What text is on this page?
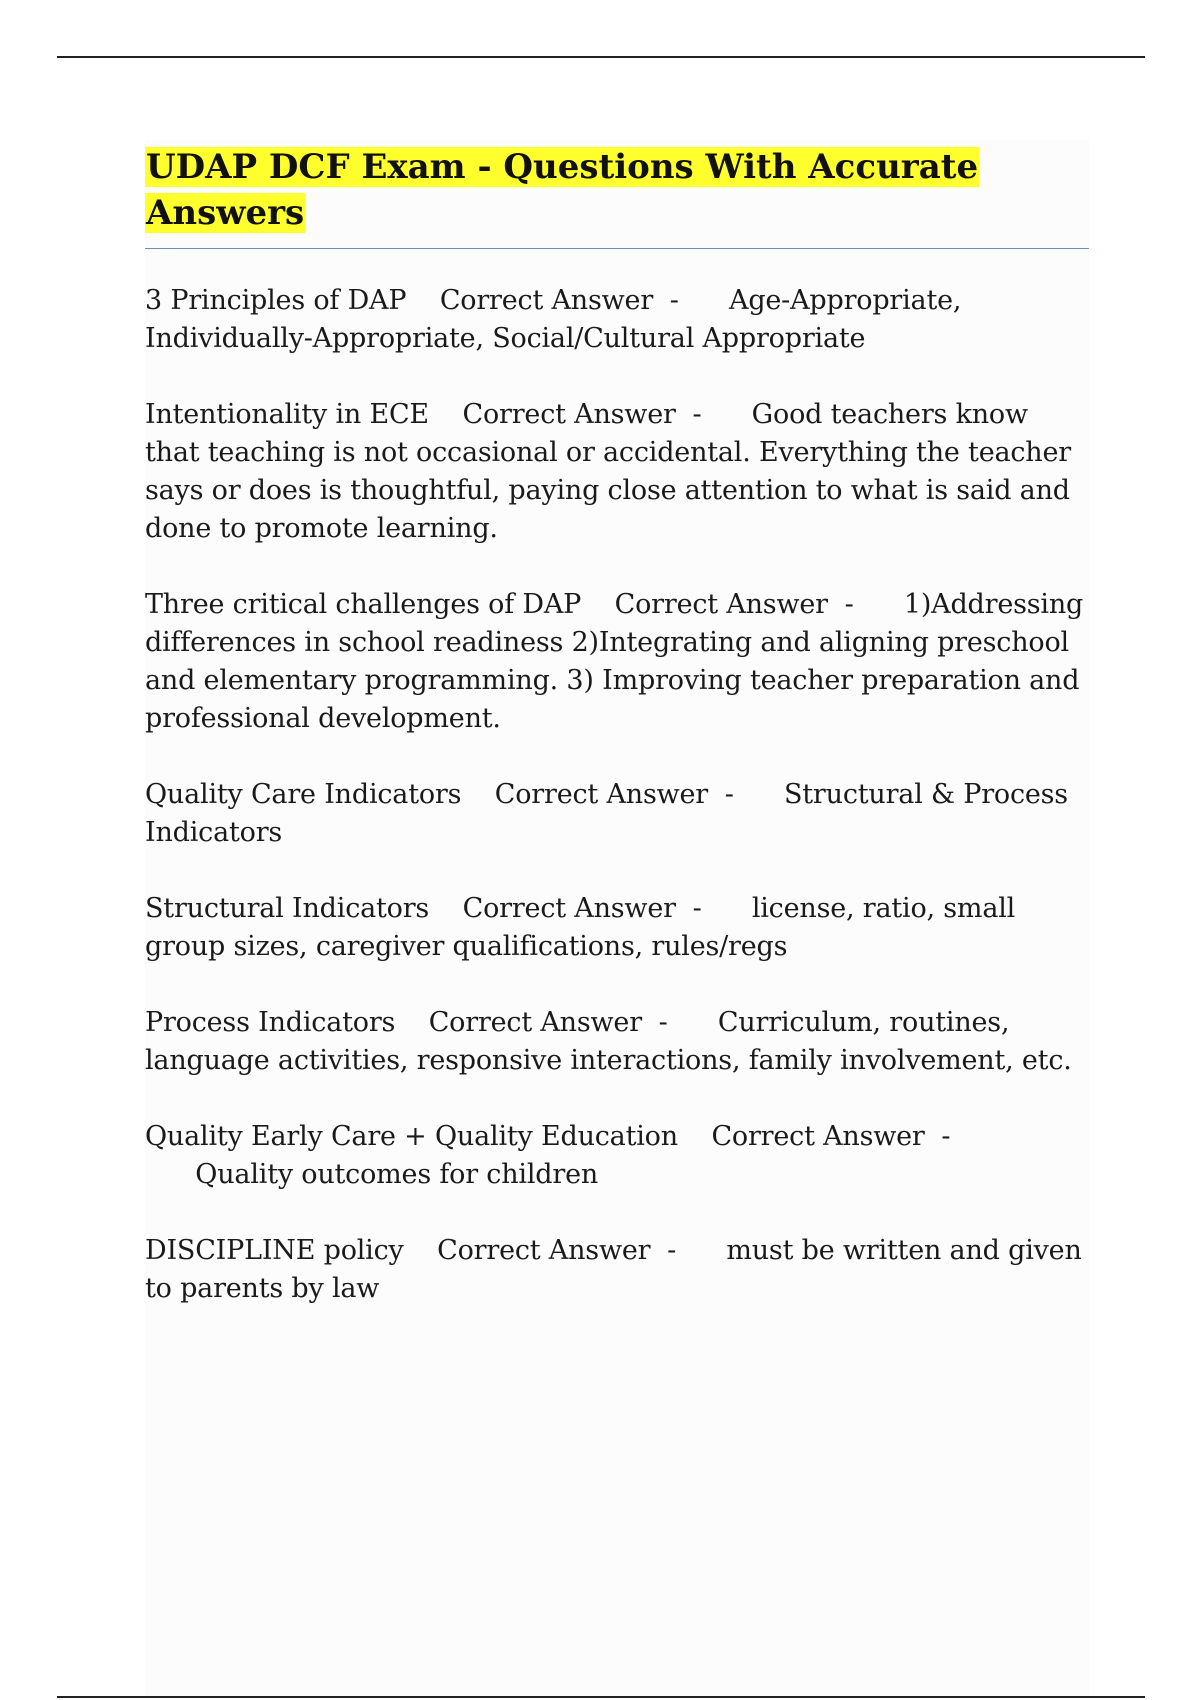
UDAP DCF Exam - Questions With Accurate Answers

3 Principles of DAP Correct Answer  - Age-Appropriate, Individually-Appropriate, Social/Cultural Appropriate

Intentionality in ECE Correct Answer  - Good teachers know that teaching is not occasional or accidental. Everything the teacher says or does is thoughtful, paying close attention to what is said and done to promote learning.

Three critical challenges of DAP Correct Answer  - 1)Addressing differences in school readiness 2)Integrating and aligning preschool and elementary programming. 3) Improving teacher preparation and professional development.

Quality Care Indicators Correct Answer  - Structural & Process Indicators

Structural Indicators Correct Answer  - license, ratio, small group sizes, caregiver qualifications, rules/regs

Process Indicators Correct Answer  - Curriculum, routines, language activities, responsive interactions, family involvement, etc.

Quality Early Care + Quality Education Correct Answer  -      Quality outcomes for children

DISCIPLINE policy Correct Answer  - must be written and given to parents by law
